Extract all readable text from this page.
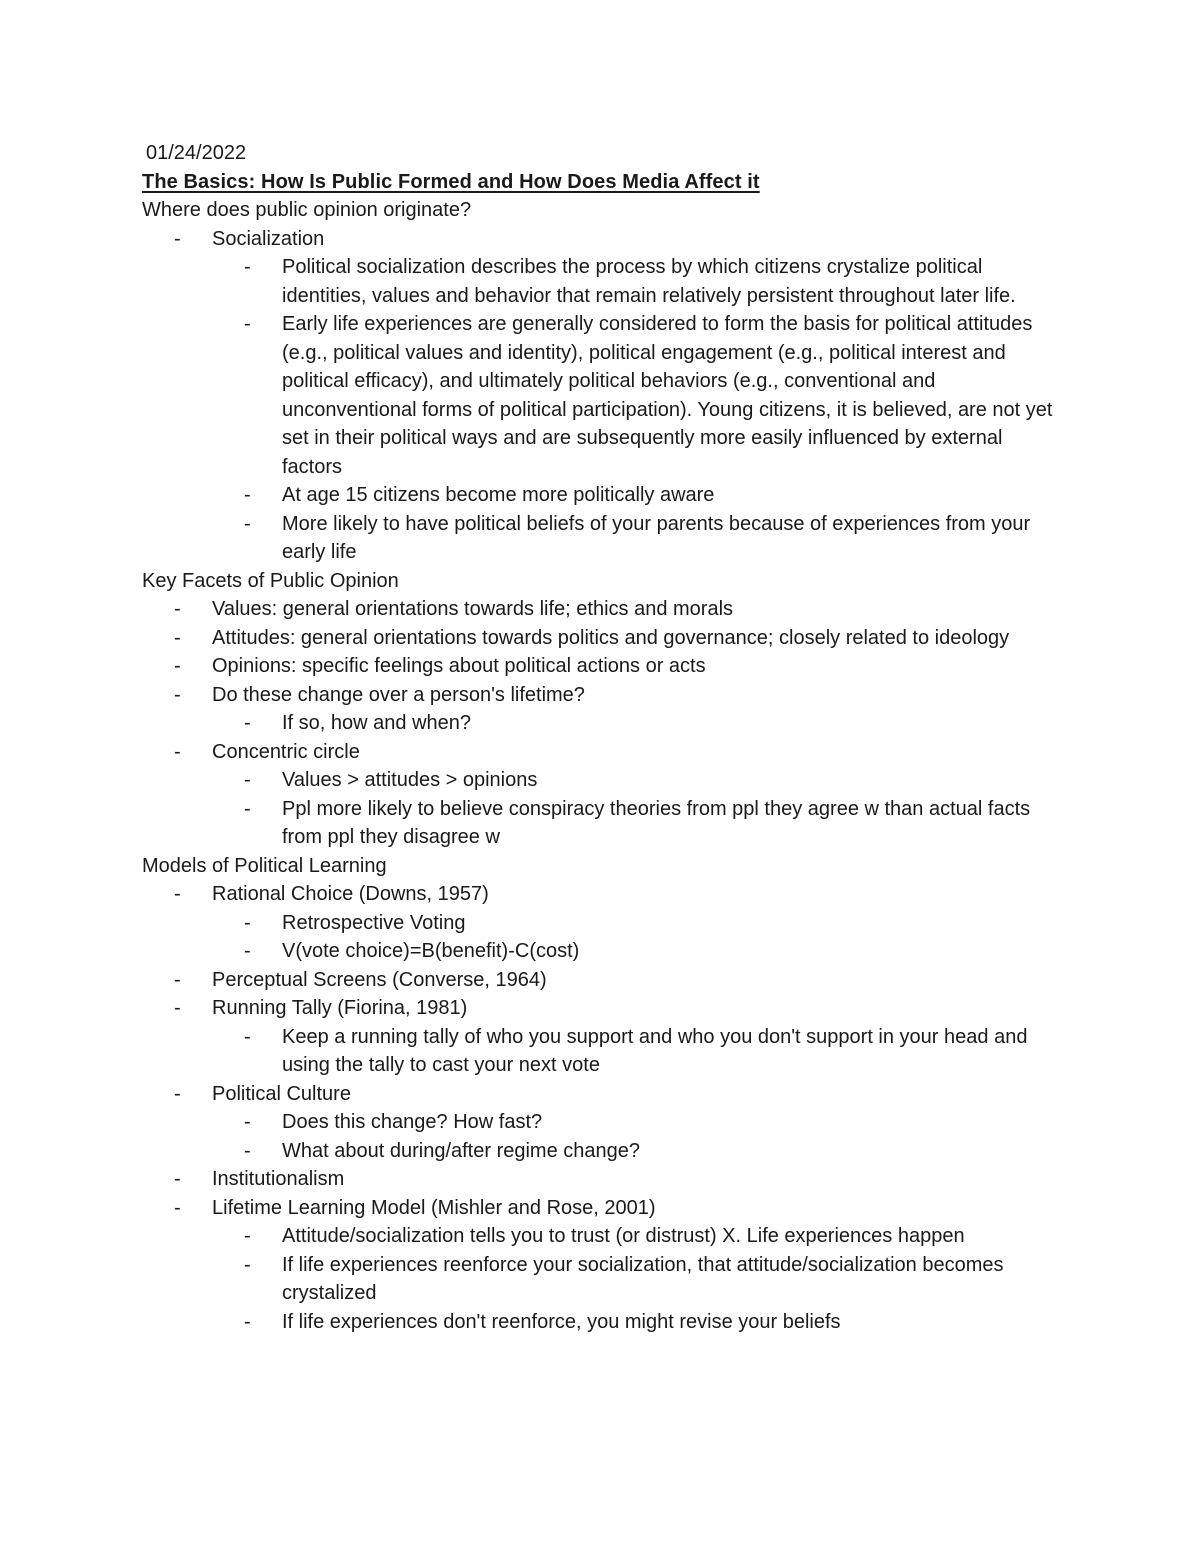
01/24/2022
The Basics: How Is Public Formed and How Does Media Affect it
Where does public opinion originate?
- Socialization
- Political socialization describes the process by which citizens crystalize political identities, values and behavior that remain relatively persistent throughout later life.
- Early life experiences are generally considered to form the basis for political attitudes (e.g., political values and identity), political engagement (e.g., political interest and political efficacy), and ultimately political behaviors (e.g., conventional and unconventional forms of political participation). Young citizens, it is believed, are not yet set in their political ways and are subsequently more easily influenced by external factors
- At age 15 citizens become more politically aware
- More likely to have political beliefs of your parents because of experiences from your early life
Key Facets of Public Opinion
- Values: general orientations towards life; ethics and morals
- Attitudes: general orientations towards politics and governance; closely related to ideology
- Opinions: specific feelings about political actions or acts
- Do these change over a person's lifetime?
- If so, how and when?
- Concentric circle
- Values > attitudes > opinions
- Ppl more likely to believe conspiracy theories from ppl they agree w than actual facts from ppl they disagree w
Models of Political Learning
- Rational Choice (Downs, 1957)
- Retrospective Voting
- V(vote choice)=B(benefit)-C(cost)
- Perceptual Screens (Converse, 1964)
- Running Tally (Fiorina, 1981)
- Keep a running tally of who you support and who you don't support in your head and using the tally to cast your next vote
- Political Culture
- Does this change? How fast?
- What about during/after regime change?
- Institutionalism
- Lifetime Learning Model (Mishler and Rose, 2001)
- Attitude/socialization tells you to trust (or distrust) X. Life experiences happen
- If life experiences reenforce your socialization, that attitude/socialization becomes crystalized
- If life experiences don't reenforce, you might revise your beliefs
